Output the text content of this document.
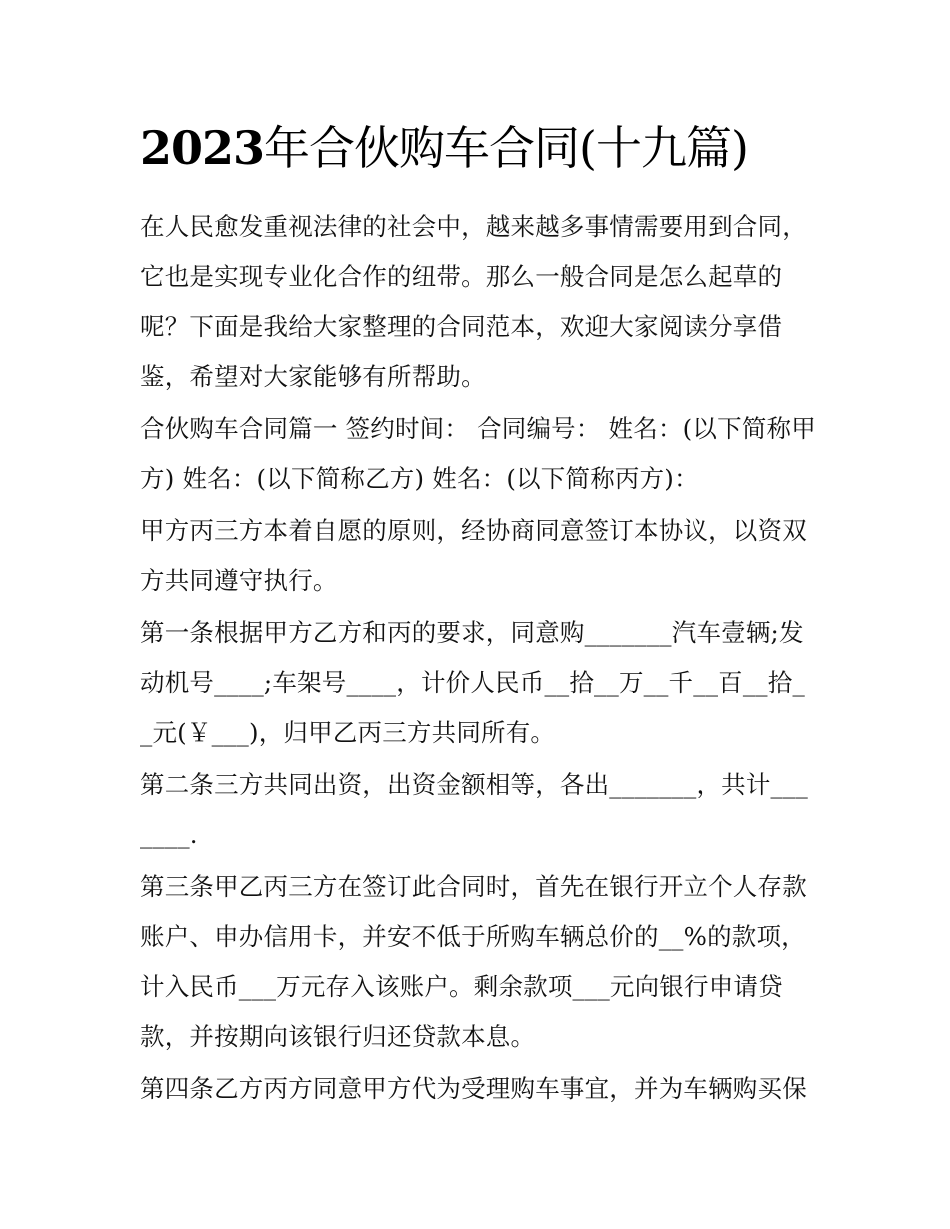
2023年合伙购车合同(十九篇)

在人民愈发重视法律的社会中，越来越多事情需要用到合同，它也是实现专业化合作的纽带。那么一般合同是怎么起草的呢？下面是我给大家整理的合同范本，欢迎大家阅读分享借鉴，希望对大家能够有所帮助。

合伙购车合同篇一 签约时间： 合同编号： 姓名：(以下简称甲方) 姓名：(以下简称乙方) 姓名：(以下简称丙方)：

甲方丙三方本着自愿的原则，经协商同意签订本协议，以资双方共同遵守执行。

第一条根据甲方乙方和丙的要求，同意购_______汽车壹辆;发动机号____;车架号____，计价人民币__拾__万__千__百__拾__元(￥___)，归甲乙丙三方共同所有。

第二条三方共同出资，出资金额相等，各出_______，共计_______.

第三条甲乙丙三方在签订此合同时，首先在银行开立个人存款账户、申办信用卡，并安不低于所购车辆总价的__%的款项，计入民币___万元存入该账户。剩余款项___元向银行申请贷款，并按期向该银行归还贷款本息。

第四条乙方丙方同意甲方代为受理购车事宜，并为车辆购买保
